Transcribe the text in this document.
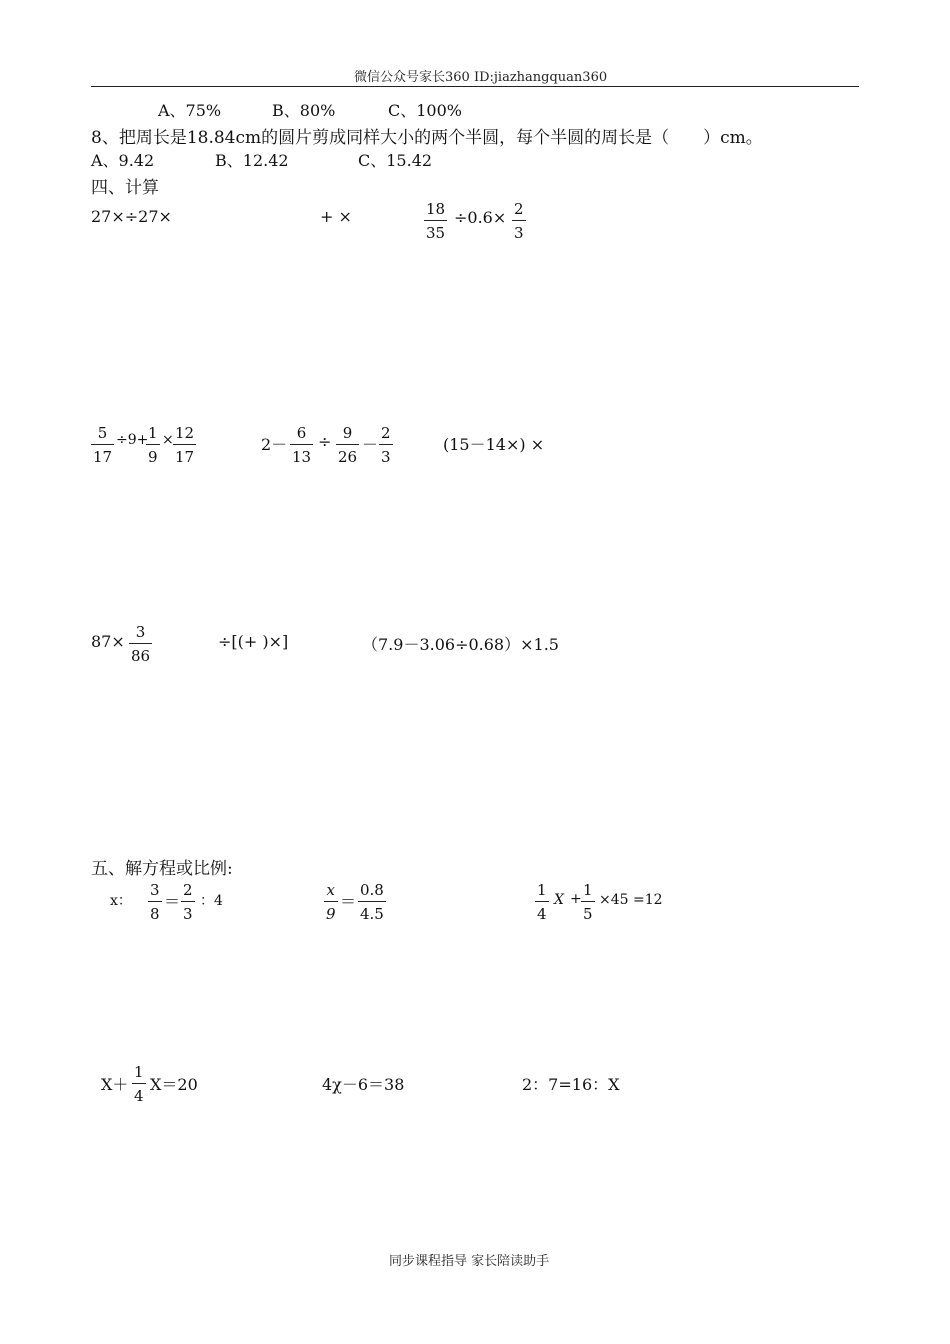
微信公众号家长360 ID:jiazhangquan360
A、75%	B、80%	C、100%
8、把周长是18.84cm的圆片剪成同样大小的两个半圆，每个半圆的周长是（　　）cm。
A、9.42	B、12.42	C、15.42
四、计算
27×÷27×	+ ×	18
35
÷0.6× 2
3
5
17
÷9+ 1
9
× 12
17
2－
6
13
÷ 9
26
－
2
3
(15－14×) ×
87× 3
86
÷[(+ )×]	（7.9－3.06÷0.68）×1.5
五、解方程或比例:
x：
3
8
＝
2
3
：4
x
9
＝
0.8
4.5
1
4
X + 1
5
×45 =12
X＋
1
4
X＝20	4χ－6＝38	2：7=16：X
同步课程指导 家长陪读助手
